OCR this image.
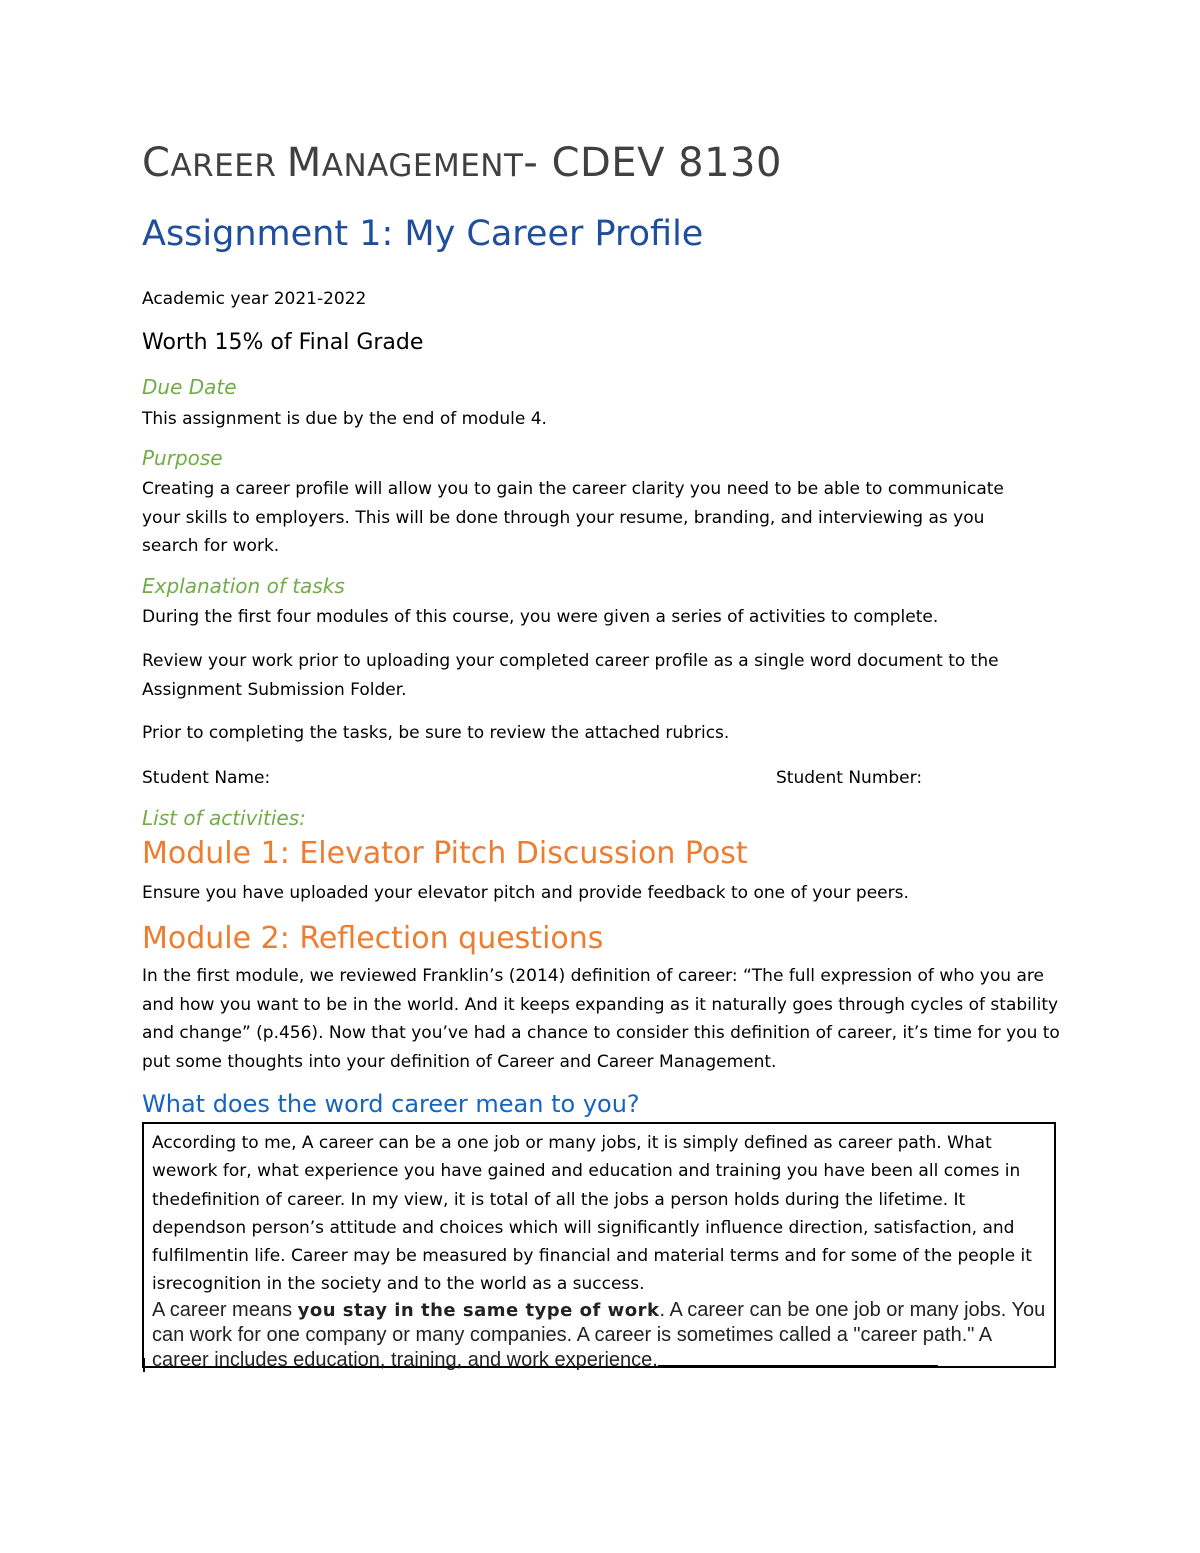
CAREER MANAGEMENT- CDEV 8130
Assignment 1: My Career Profile
Academic year 2021-2022
Worth 15% of Final Grade
Due Date
This assignment is due by the end of module 4.
Purpose
Creating a career profile will allow you to gain the career clarity you need to be able to communicate your skills to employers. This will be done through your resume, branding, and interviewing as you search for work.
Explanation of tasks
During the first four modules of this course, you were given a series of activities to complete.
Review your work prior to uploading your completed career profile as a single word document to the Assignment Submission Folder.
Prior to completing the tasks, be sure to review the attached rubrics.
Student Name:	Student Number:
List of activities:
Module 1: Elevator Pitch Discussion Post
Ensure you have uploaded your elevator pitch and provide feedback to one of your peers.
Module 2: Reflection questions
In the first module, we reviewed Franklin’s (2014) definition of career: “The full expression of who you are and how you want to be in the world. And it keeps expanding as it naturally goes through cycles of stability and change” (p.456). Now that you’ve had a chance to consider this definition of career, it’s time for you to put some thoughts into your definition of Career and Career Management.
What does the word career mean to you?
According to me, A career can be a one job or many jobs, it is simply defined as career path. What wework for, what experience you have gained and education and training you have been all comes in thedefinition of career. In my view, it is total of all the jobs a person holds during the lifetime. It dependson person’s attitude and choices which will significantly influence direction, satisfaction, and fulfilmentin life. Career may be measured by financial and material terms and for some of the people it isrecognition in the society and to the world as a success.
A career means you stay in the same type of work. A career can be one job or many jobs. You can work for one company or many companies. A career is sometimes called a "career path." A career includes education, training, and work experience.
